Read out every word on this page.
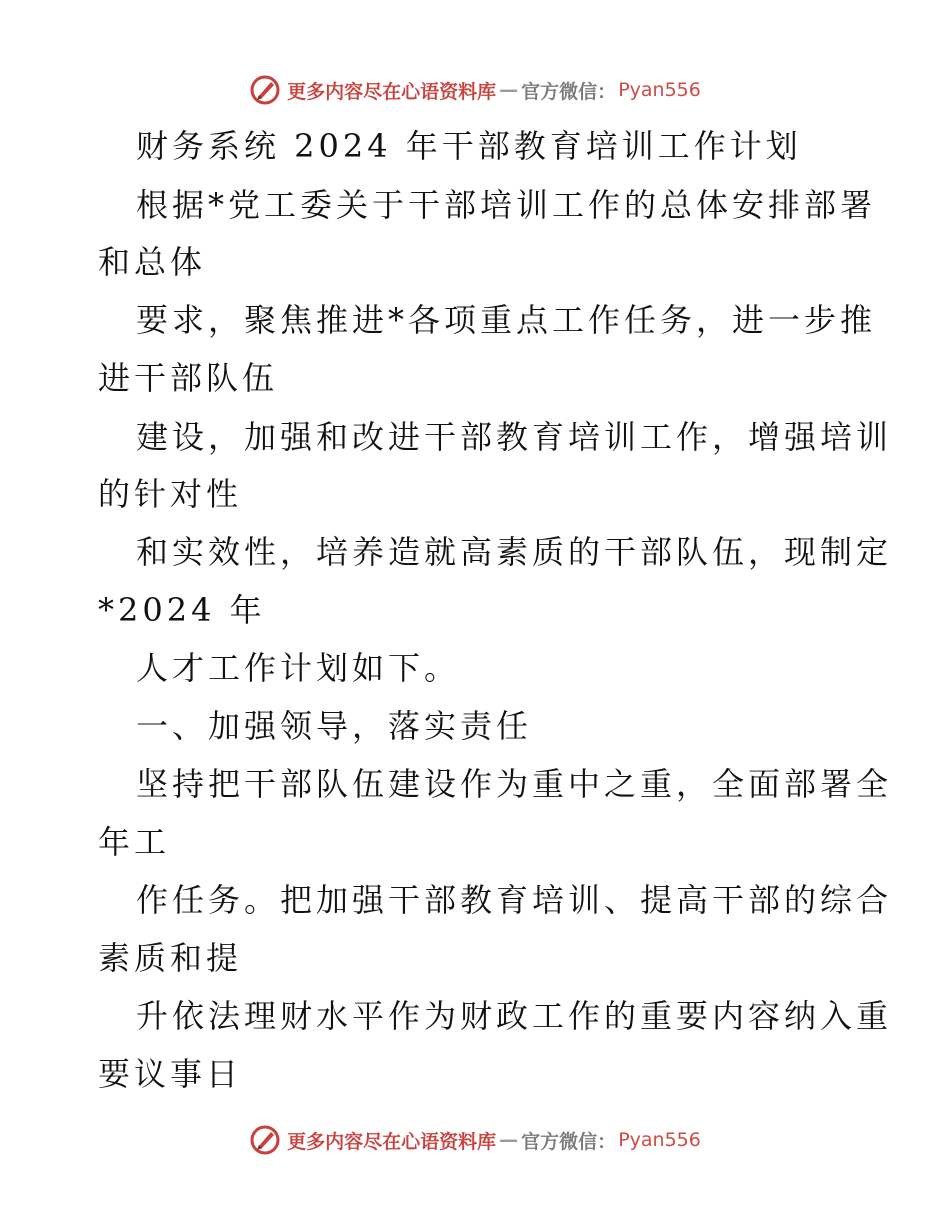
更多内容尽在心语资料库 — 官方微信： Pyan556
财务系统 2024 年干部教育培训工作计划
根据*党工委关于干部培训工作的总体安排部署
和总体
要求，聚焦推进*各项重点工作任务，进一步推
进干部队伍
建设，加强和改进干部教育培训工作，增强培训
的针对性
和实效性，培养造就高素质的干部队伍，现制定
*2024 年
人才工作计划如下。
一、加强领导，落实责任
坚持把干部队伍建设作为重中之重，全面部署全
年工
作任务。把加强干部教育培训、提高干部的综合
素质和提
升依法理财水平作为财政工作的重要内容纳入重
要议事日
更多内容尽在心语资料库 — 官方微信： Pyan556
